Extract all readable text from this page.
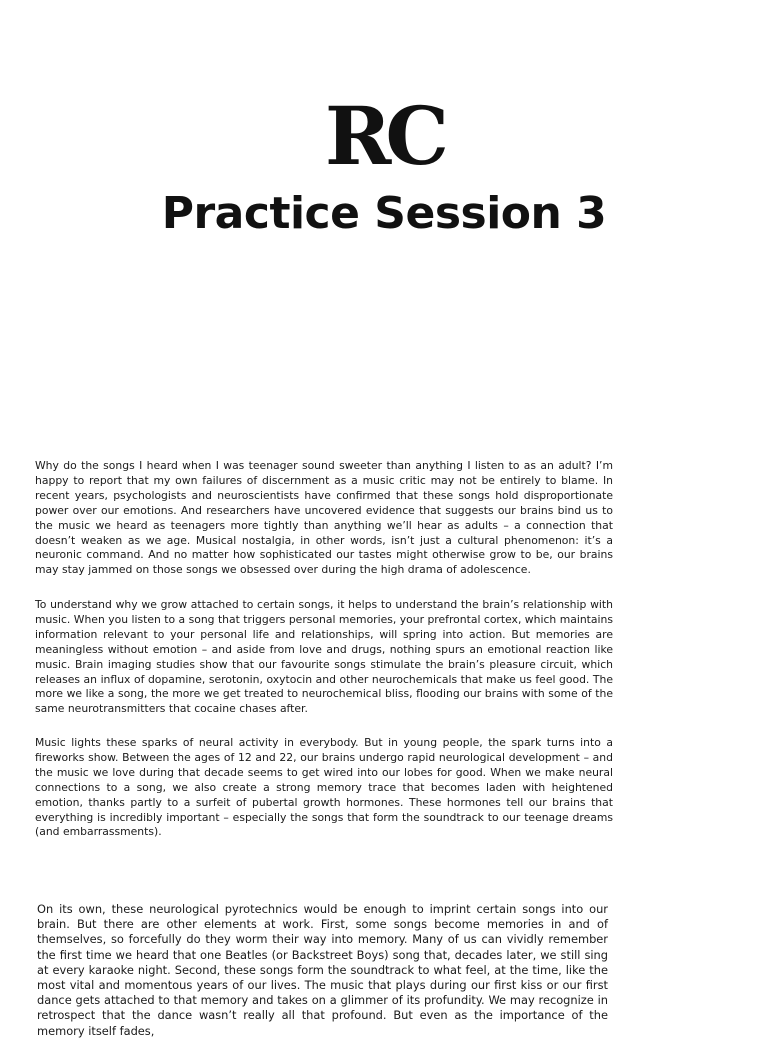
RC
Practice Session 3

Why do the songs I heard when I was teenager sound sweeter than anything I listen to as an adult? I’m happy to report that my own failures of discernment as a music critic may not be entirely to blame. In recent years, psychologists and neuroscientists have confirmed that these songs hold disproportionate power over our emotions. And researchers have uncovered evidence that suggests our brains bind us to the music we heard as teenagers more tightly than anything we’ll hear as adults – a connection that doesn’t weaken as we age. Musical nostalgia, in other words, isn’t just a cultural phenomenon: it’s a neuronic command. And no matter how sophisticated our tastes might otherwise grow to be, our brains may stay jammed on those songs we obsessed over during the high drama of adolescence.

To understand why we grow attached to certain songs, it helps to understand the brain’s relationship with music. When you listen to a song that triggers personal memories, your prefrontal cortex, which maintains information relevant to your personal life and relationships, will spring into action. But memories are meaningless without emotion – and aside from love and drugs, nothing spurs an emotional reaction like music. Brain imaging studies show that our favourite songs stimulate the brain’s pleasure circuit, which releases an influx of dopamine, serotonin, oxytocin and other neurochemicals that make us feel good. The more we like a song, the more we get treated to neurochemical bliss, flooding our brains with some of the same neurotransmitters that cocaine chases after.

Music lights these sparks of neural activity in everybody. But in young people, the spark turns into a fireworks show. Between the ages of 12 and 22, our brains undergo rapid neurological development – and the music we love during that decade seems to get wired into our lobes for good. When we make neural connections to a song, we also create a strong memory trace that becomes laden with heightened emotion, thanks partly to a surfeit of pubertal growth hormones. These hormones tell our brains that everything is incredibly important – especially the songs that form the soundtrack to our teenage dreams (and embarrassments).

On its own, these neurological pyrotechnics would be enough to imprint certain songs into our brain. But there are other elements at work. First, some songs become memories in and of themselves, so forcefully do they worm their way into memory. Many of us can vividly remember the first time we heard that one Beatles (or Backstreet Boys) song that, decades later, we still sing at every karaoke night. Second, these songs form the soundtrack to what feel, at the time, like the most vital and momentous years of our lives. The music that plays during our first kiss or our first dance gets attached to that memory and takes on a glimmer of its profundity. We may recognize in retrospect that the dance wasn’t really all that profound. But even as the importance of the memory itself fades,
